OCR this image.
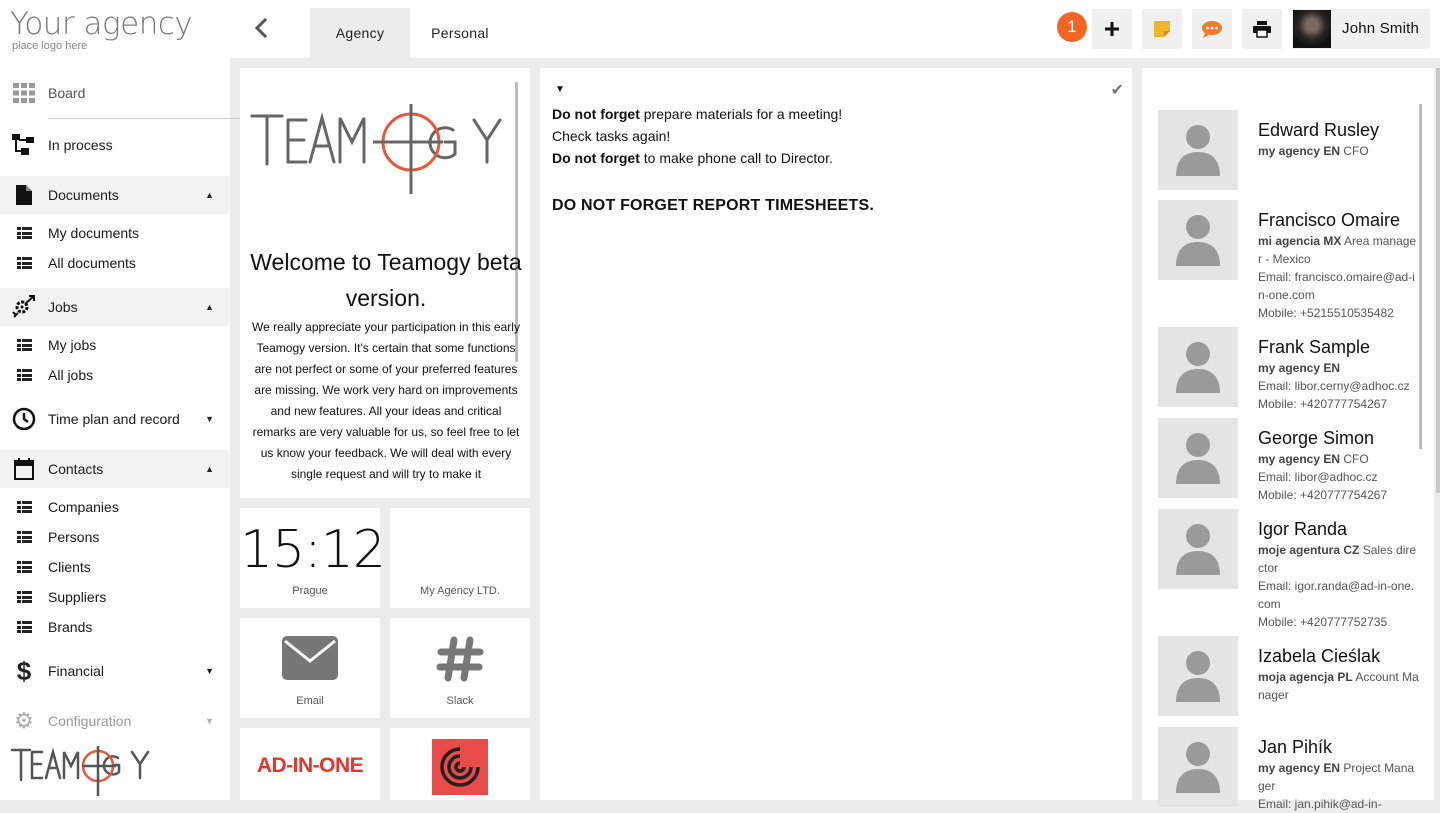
Your agency
place logo here
Board
In process
Documents	▲
My documents
All documents
Jobs	▲
My jobs
All jobs
Time plan and record	▼
Contacts	▲
Companies
Persons
Clients
Suppliers
Brands
$	Financial	▼
⚙ Configuration	▼
Agency	Personal	1	John Smith
Welcome to Teamogy beta version.
We really appreciate your participation in this early Teamogy version. It's certain that some functions are not perfect or some of your preferred features are missing. We work very hard on improvements and new features. All your ideas and critical remarks are very valuable for us, so feel free to let us know your feedback. We will deal with every single request and will try to make it
15:12
Prague	My Agency LTD.
Email	Slack
AD-IN-ONE
▼	✔
Do not forget prepare materials for a meeting!
Check tasks again!
Do not forget to make phone call to Director.
DO NOT FORGET REPORT TIMESHEETS.
Edward Rusley
my agency EN CFO
Francisco Omaire
mi agencia MX Area manager - Mexico
Email: francisco.omaire@ad-in-one.com
Mobile: +5215510535482
Frank Sample
my agency EN
Email: libor.cerny@adhoc.cz
Mobile: +420777754267
George Simon
my agency EN CFO
Email: libor@adhoc.cz
Mobile: +420777754267
Igor Randa
moje agentura CZ Sales director
Email: igor.randa@ad-in-one.com
Mobile: +420777752735
Izabela Cieślak
moja agencja PL Account Manager
Jan Pihík
my agency EN Project Manager
Email: jan.pihik@ad-in-
